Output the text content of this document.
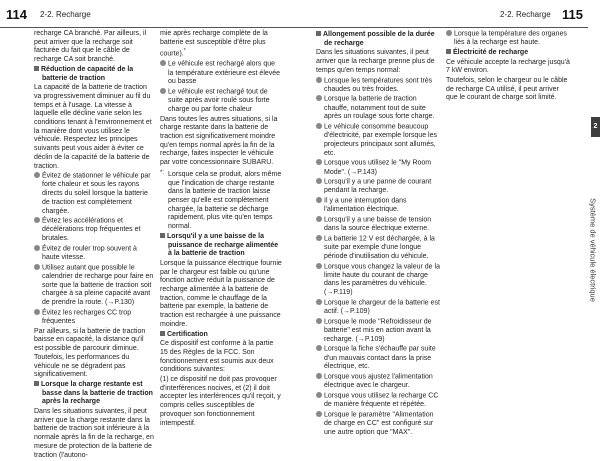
114 2-2. Recharge

recharge CA branché. Par ailleurs, il peut arriver que la recharge soit facturée du fait que le câble de recharge CA soit branché.

Réduction de capacité de la batterie de traction

La capacité de la batterie de traction va progressivement diminuer au fil du temps et à l'usage. La vitesse à laquelle elle décline varie selon les conditions tenant à l'environnement et la manière dont vous utilisez le véhicule. Respectez les principes suivants peut vous aider à éviter ce déclin de la capacité de la batterie de traction.

Évitez de stationner le véhicule par forte chaleur et sous les rayons directs du soleil lorsque la batterie de traction est complètement chargée.
Évitez les accélérations et décélérations trop fréquentes et brutales.
Évitez de rouler trop souvent à haute vitesse.
Utilisez autant que possible le calendrier de recharge pour faire en sorte que la batterie de traction soit chargée à sa pleine capacité avant de prendre la route. (→P.130)
Évitez les recharges CC trop fréquentes

Par ailleurs, si la batterie de traction baisse en capacité, la distance qu'il est possible de parcourir diminue. Toutefois, les performances du véhicule ne se dégradent pas significativement.

Lorsque la charge restante est basse dans la batterie de traction après la recharge

Dans les situations suivantes, il peut arriver que la charge restante dans la batterie de traction soit inférieure à la normale après la fin de la recharge, en mesure de protection de la batterie de traction (l'autono-

mie après recharge complète de la batterie est susceptible d'être plus courte).*

Le véhicule est rechargé alors que la température extérieure est élevée ou basse
Le véhicule est rechargé tout de suite après avoir roulé sous forte charge ou par forte chaleur

Dans toutes les autres situations, si la charge restante dans la batterie de traction est significativement moindre qu'en temps normal après la fin de la recharge, faites inspecter le véhicule par votre concessionnaire SUBARU.

*: Lorsque cela se produit, alors même que l'indication de charge restante dans la batterie de traction laisse penser qu'elle est complètement chargée, la batterie se décharge rapidement, plus vite qu'en temps normal.
Lorsqu'il y a une baisse de la puissance de recharge alimentée à la batterie de traction

Lorsque la puissance électrique fournie par le chargeur est faible ou qu'une fonction active réduit la puissance de recharge alimentée à la batterie de traction, comme le chauffage de la batterie par exemple, la batterie de traction est rechargée à une puissance moindre.

Certification

Ce dispositif est conforme à la partie 15 des Règles de la FCC. Son fonctionnement est soumis aux deux conditions suivantes:

(1) ce dispositif ne doit pas provoquer d'interférences nocives, et (2) il doit accepter les interférences qu'il reçoit, y compris celles susceptibles de provoquer son fonctionnement intempestif.

2-2. Recharge 115
Allongement possible de la durée de recharge

Dans les situations suivantes, il peut arriver que la recharge prenne plus de temps qu'en temps normal:

Lorsque les températures sont très chaudes ou très froides.
Lorsque la batterie de traction chauffe, notamment tout de suite après un roulage sous forte charge.
Le véhicule consomme beaucoup d'électricité, par exemple lorsque les projecteurs principaux sont allumés, etc.
Lorsque vous utilisez le "My Room Mode". (→P.143)
Lorsqu'il y a une panne de courant pendant la recharge.
Il y a une interruption dans l'alimentation électrique.
Lorsqu'il y a une baisse de tension dans la source électrique externe.
La batterie 12 V est déchargée, à la suite par exemple d'une longue période d'inutilisation du véhicule.
Lorsque vous changez la valeur de la limite haute du courant de charge dans les paramètres du véhicule. (→P.119)
Lorsque le chargeur de la batterie est actif. (→P.109)
Lorsque le mode "Refroidisseur de batterie" est mis en action avant la recharge. (→P.109)
Lorsque la fiche s'échauffe par suite d'un mauvais contact dans la prise électrique, etc.
Lorsque vous ajustez l'alimentation électrique avec le chargeur.
Lorsque vous utilisez la recharge CC de manière fréquente et répétée.
Lorsque le paramètre "Alimentation de charge en CC" est configuré sur une autre option que "MAX".
Lorsque la température des organes liés à la recharge est haute.
Électricité de recharge

Ce véhicule accepte la recharge jusqu'à 7 kW environ.

Toutefois, selon le chargeur ou le câble de recharge CA utilisé, il peut arriver que le courant de charge soit limité.

2
Système de véhicule électrique
